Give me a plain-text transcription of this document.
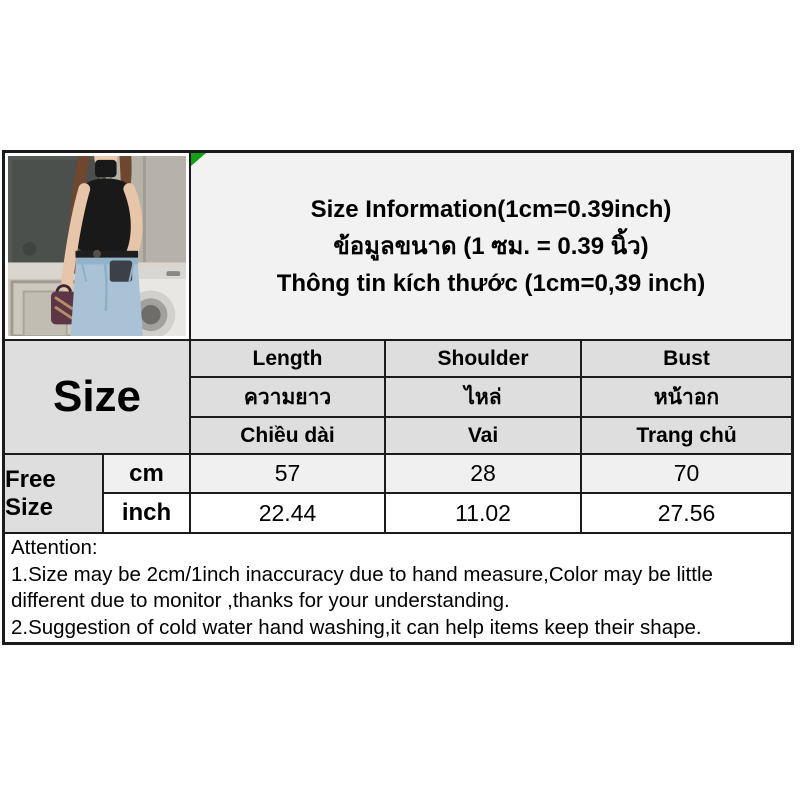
Size Information(1cm=0.39inch)
ข้อมูลขนาด (1 ซม. = 0.39 นิ้ว)
Thông tin kích thước (1cm=0,39 inch)
Size
Length	Shoulder	Bust
ความยาว	ไหล่	หน้าอก
Chiều dài	Vai	Trang chủ
Free Size
cm	57	28	70
inch	22.44	11.02	27.56
Attention:
1.Size may be 2cm/1inch inaccuracy due to hand measure,Color may be little
different due to monitor ,thanks for your understanding.
2.Suggestion of cold water hand washing,it can help items keep their shape.
